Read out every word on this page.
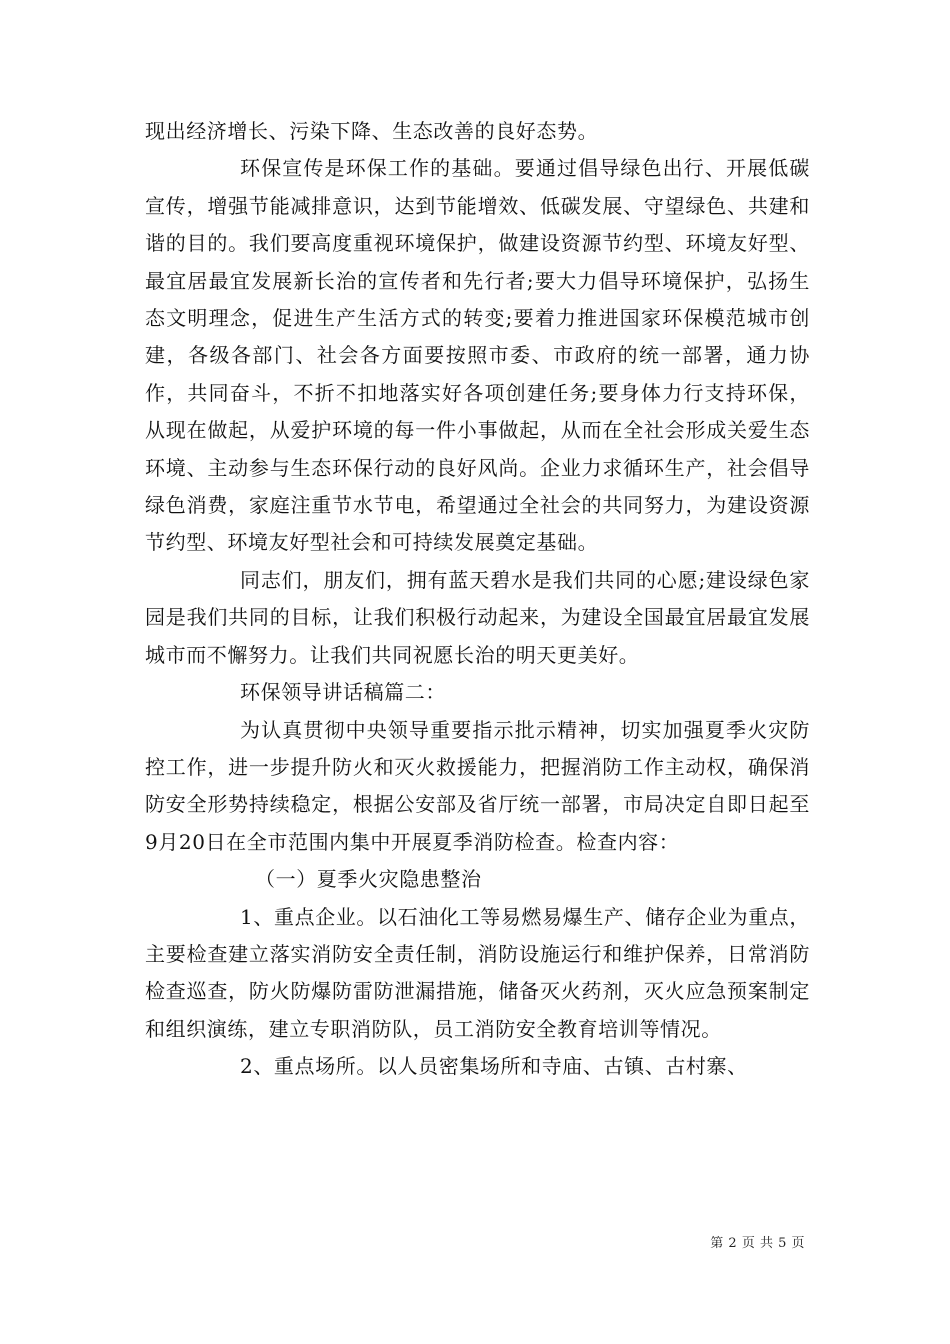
现出经济增长、污染下降、生态改善的良好态势。

环保宣传是环保工作的基础。要通过倡导绿色出行、开展低碳宣传，增强节能减排意识，达到节能增效、低碳发展、守望绿色、共建和谐的目的。我们要高度重视环境保护，做建设资源节约型、环境友好型、最宜居最宜发展新长治的宣传者和先行者;要大力倡导环境保护，弘扬生态文明理念，促进生产生活方式的转变;要着力推进国家环保模范城市创建，各级各部门、社会各方面要按照市委、市政府的统一部署，通力协作，共同奋斗，不折不扣地落实好各项创建任务;要身体力行支持环保，从现在做起，从爱护环境的每一件小事做起，从而在全社会形成关爱生态环境、主动参与生态环保行动的良好风尚。企业力求循环生产，社会倡导绿色消费，家庭注重节水节电，希望通过全社会的共同努力，为建设资源节约型、环境友好型社会和可持续发展奠定基础。

同志们，朋友们，拥有蓝天碧水是我们共同的心愿;建设绿色家园是我们共同的目标，让我们积极行动起来，为建设全国最宜居最宜发展城市而不懈努力。让我们共同祝愿长治的明天更美好。

环保领导讲话稿篇二：

为认真贯彻中央领导重要指示批示精神，切实加强夏季火灾防控工作，进一步提升防火和灭火救援能力，把握消防工作主动权，确保消防安全形势持续稳定，根据公安部及省厅统一部署，市局决定自即日起至9月20日在全市范围内集中开展夏季消防检查。检查内容：

（一）夏季火灾隐患整治

1、重点企业。以石油化工等易燃易爆生产、储存企业为重点，主要检查建立落实消防安全责任制，消防设施运行和维护保养，日常消防检查巡查，防火防爆防雷防泄漏措施，储备灭火药剂，灭火应急预案制定和组织演练，建立专职消防队，员工消防安全教育培训等情况。

2、重点场所。以人员密集场所和寺庙、古镇、古村寨、

第 2 页 共 5 页
